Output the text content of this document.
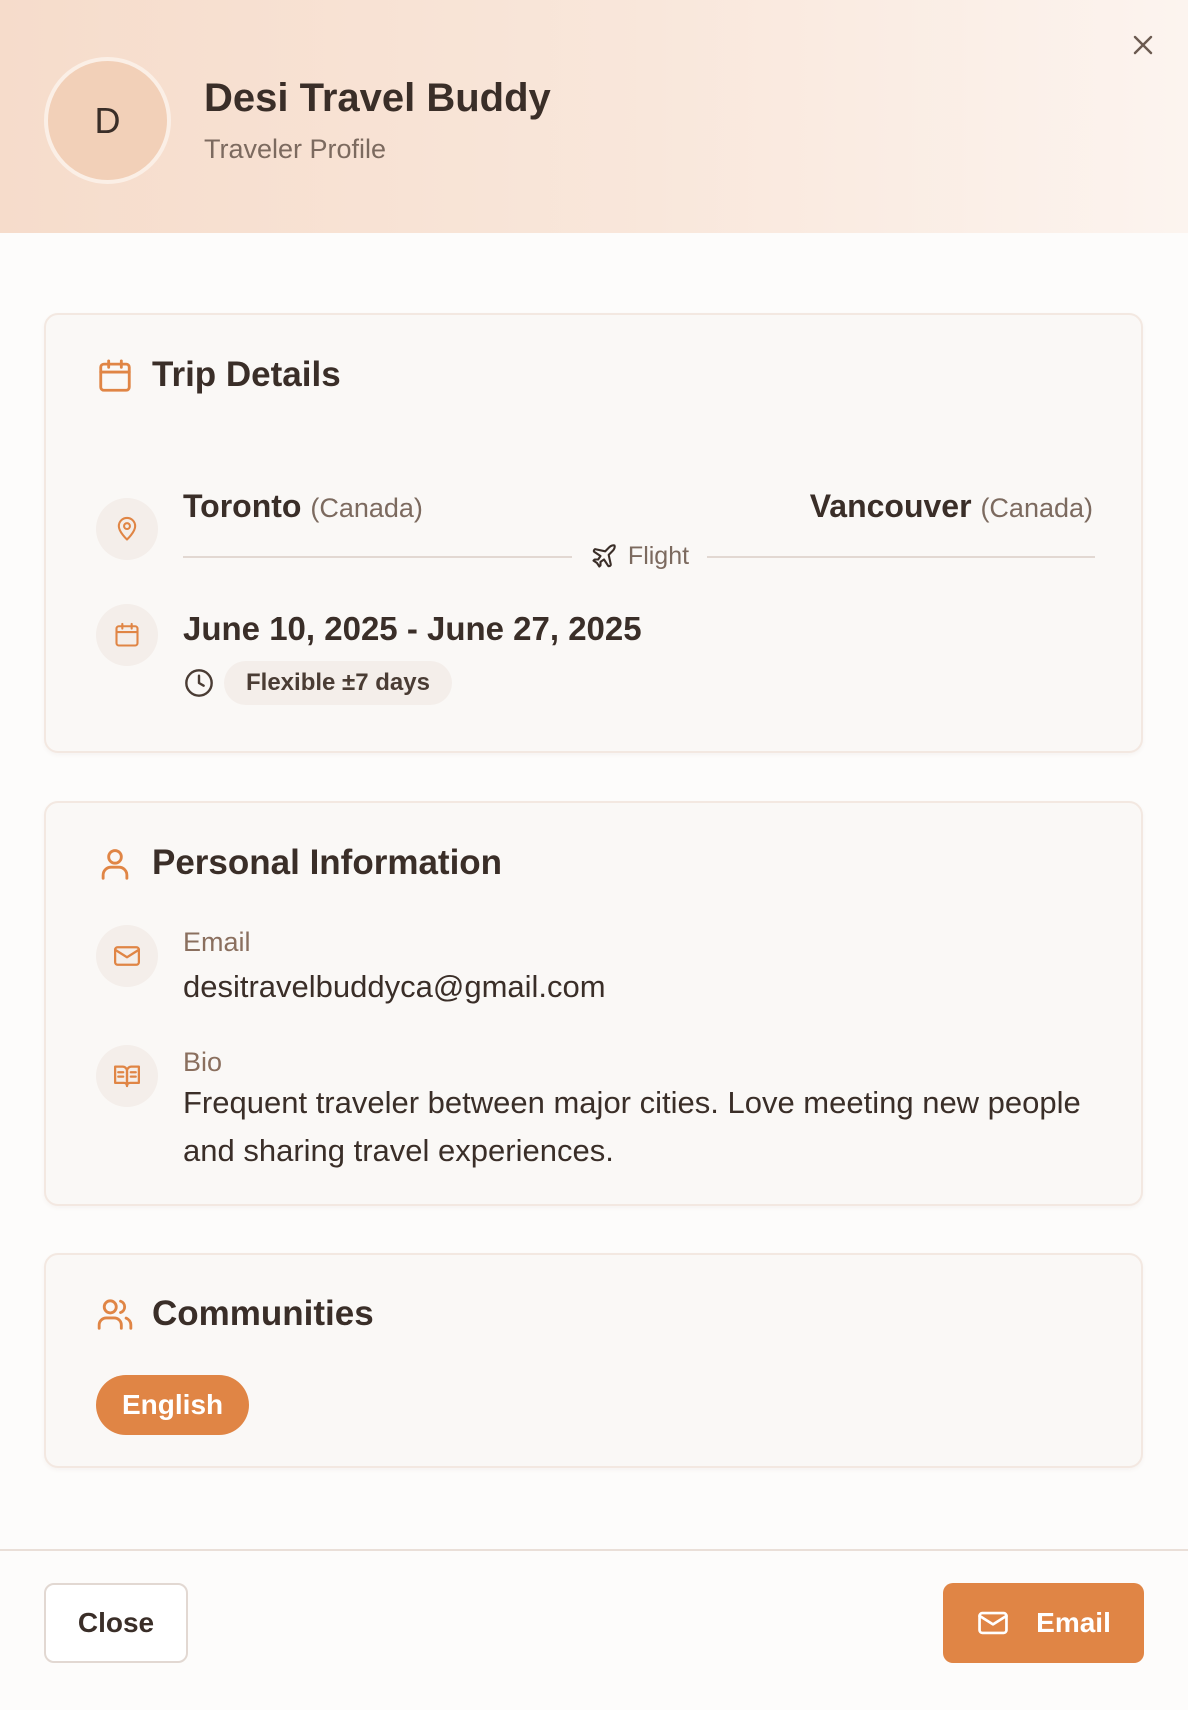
D Desi Travel Buddy
Traveler Profile
Trip Details
Toronto (Canada)	Vancouver (Canada)
Flight
June 10, 2025 - June 27, 2025
Flexible ±7 days
Personal Information
Email
desitravelbuddyca@gmail.com
Bio
Frequent traveler between major cities. Love meeting new people and sharing travel experiences.
Communities
English
Close	Email
